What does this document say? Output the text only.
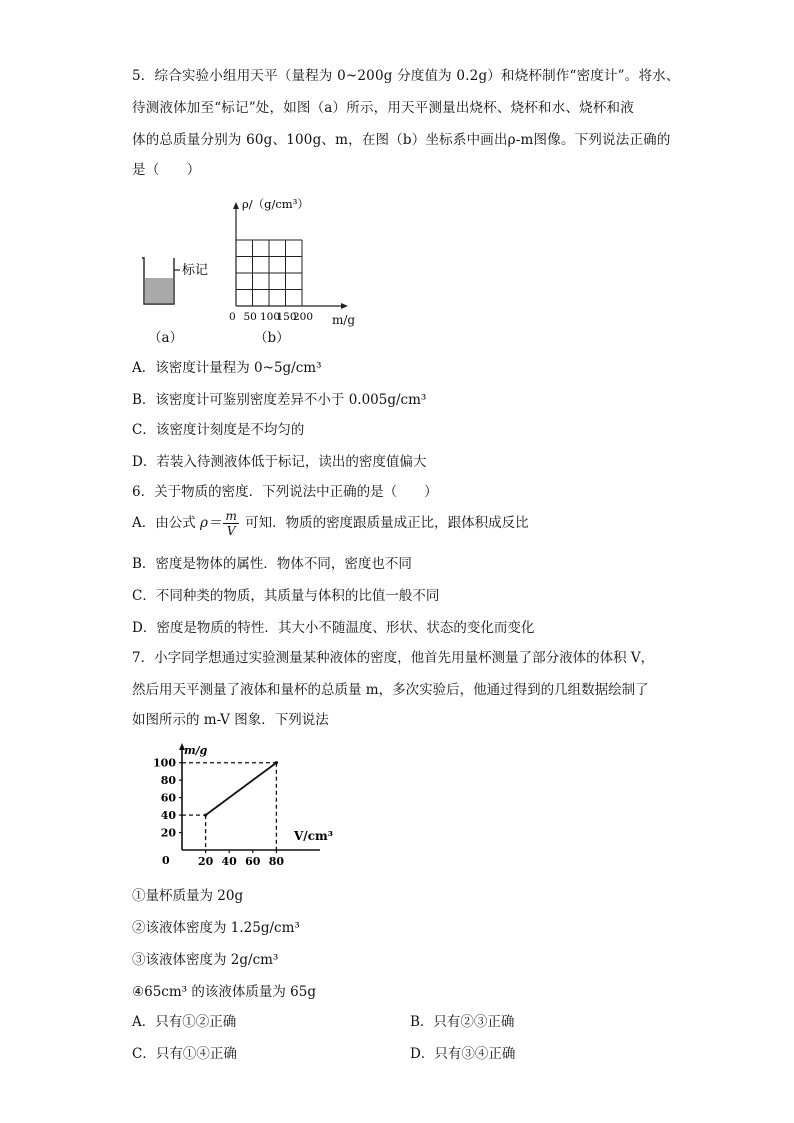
5．综合实验小组用天平（量程为 0~200g 分度值为 0.2g）和烧杯制作“密度计”。将水、
待测液体加至“标记”处，如图（a）所示，用天平测量出烧杯、烧杯和水、烧杯和液
体的总质量分别为 60g、100g、m，在图（b）坐标系中画出ρ-m图像。下列说法正确的
是（　　）
标记
（a）
ρ/（g/cm³）
0 50 100
150
200 m/g
（b）
A．该密度计量程为 0~5g/cm³
B．该密度计可鉴别密度差异不小于 0.005g/cm³
C．该密度计刻度是不均匀的
D．若装入待测液体低于标记，读出的密度值偏大
6．关于物质的密度．下列说法中正确的是（　　）
A．由公式 $\rho= \frac{m}{V}$ 可知．物质的密度跟质量成正比，跟体积成反比
B．密度是物体的属性．物体不同，密度也不同
C．不同种类的物质，其质量与体积的比值一般不同
D．密度是物质的特性．其大小不随温度、形状、状态的变化而变化
7．小字同学想通过实验测量某种液体的密度，他首先用量杯测量了部分液体的体积 V，
然后用天平测量了液体和量杯的总质量 m，多次实验后，他通过得到的几组数据绘制了
如图所示的 m-V 图象．下列说法
m/g
V/cm³
0
20
40
60
80
100
20 40 60 80
①量杯质量为 20g
②该液体密度为 1.25g/cm³
③该液体密度为 2g/cm³
④65cm³ 的该液体质量为 65g
A．只有①②正确	B．只有②③正确
C．只有①④正确	D．只有③④正确
